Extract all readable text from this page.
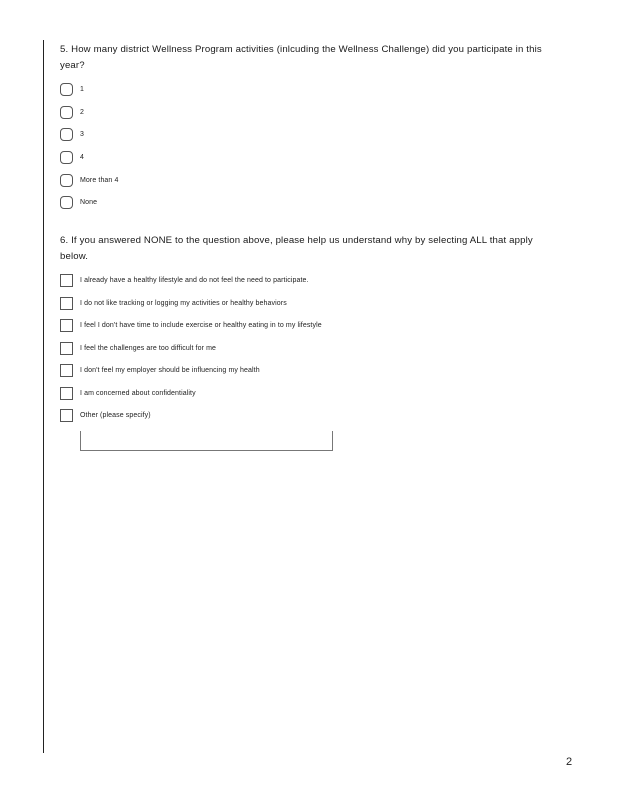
5. How many district Wellness Program activities (inlcuding the Wellness Challenge) did you participate in this year?
1
2
3
4
More than 4
None
6. If you answered NONE to the question above, please help us understand why by selecting ALL that apply below.
I already have a healthy lifestyle and do not feel the need to participate.
I do not like tracking or logging my activities or healthy behaviors
I feel I don't have time to include exercise or healthy eating in to my lifestyle
I feel the challenges are too difficult for me
I don't feel my employer should be influencing my health
I am concerned about confidentiality
Other (please specify)
2
